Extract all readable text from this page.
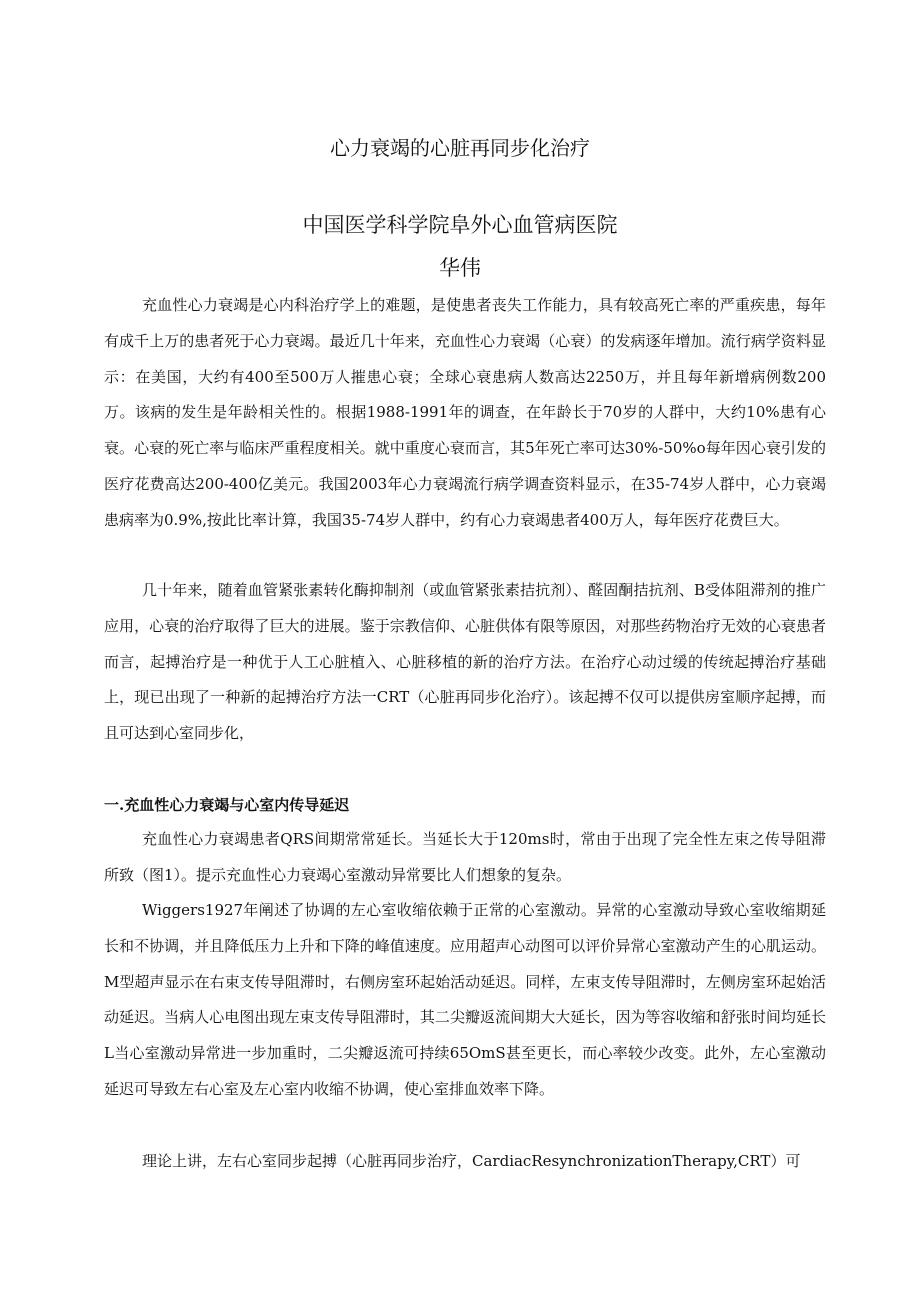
心力衰竭的心脏再同步化治疗
中国医学科学院阜外心血管病医院
华伟

充血性心力衰竭是心内科治疗学上的难题，是使患者丧失工作能力，具有较高死亡率的严重疾患，每年有成千上万的患者死于心力衰竭。最近几十年来，充血性心力衰竭（心衰）的发病逐年增加。流行病学资料显示：在美国，大约有400至500万人摧患心衰；全球心衰患病人数高达2250万，并且每年新增病例数200万。该病的发生是年龄相关性的。根据1988-1991年的调查，在年龄长于70岁的人群中，大约10%患有心衰。心衰的死亡率与临床严重程度相关。就中重度心衰而言，其5年死亡率可达30%-50%o每年因心衰引发的医疗花费高达200-400亿美元。我国2003年心力衰竭流行病学调查资料显示，在35-74岁人群中，心力衰竭患病率为0.9%,按此比率计算，我国35-74岁人群中，约有心力衰竭患者400万人，每年医疗花费巨大。

几十年来，随着血管紧张素转化酶抑制剂（或血管紧张素拮抗剂）、醛固酮拮抗剂、B受体阻滞剂的推广应用，心衰的治疗取得了巨大的进展。鉴于宗教信仰、心脏供体有限等原因，对那些药物治疗无效的心衰患者而言，起搏治疗是一种优于人工心脏植入、心脏移植的新的治疗方法。在治疗心动过缓的传统起搏治疗基础上，现已出现了一种新的起搏治疗方法一CRT（心脏再同步化治疗）。该起搏不仅可以提供房室顺序起搏，而且可达到心室同步化，

一.充血性心力衰竭与心室内传导延迟

充血性心力衰竭患者QRS间期常常延长。当延长大于120ms时，常由于出现了完全性左束之传导阻滞所致（图1）。提示充血性心力衰竭心室激动异常要比人们想象的复杂。

Wiggers1927年阐述了协调的左心室收缩依赖于正常的心室激动。异常的心室激动导致心室收缩期延长和不协调，并且降低压力上升和下降的峰值速度。应用超声心动图可以评价异常心室激动产生的心肌运动。M型超声显示在右束支传导阻滞时，右侧房室环起始活动延迟。同样，左束支传导阻滞时，左侧房室环起始活动延迟。当病人心电图出现左束支传导阻滞时，其二尖瓣返流间期大大延长，因为等容收缩和舒张时间均延长L当心室激动异常进一步加重时，二尖瓣返流可持续65OmS甚至更长，而心率较少改变。此外，左心室激动延迟可导致左右心室及左心室内收缩不协调，使心室排血效率下降。

理论上讲，左右心室同步起搏（心脏再同步治疗，CardiacResynchronizationTherapy,CRT）可
